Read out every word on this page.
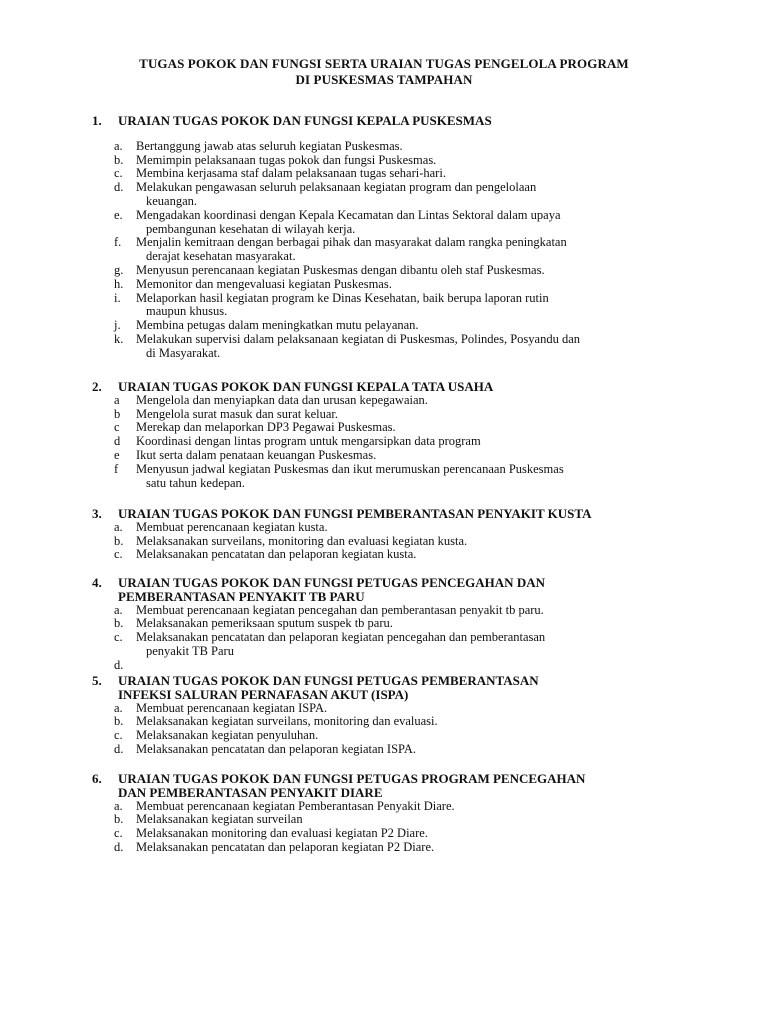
TUGAS POKOK DAN FUNGSI SERTA URAIAN TUGAS PENGELOLA PROGRAM
DI PUSKESMAS TAMPAHAN
1. URAIAN TUGAS POKOK DAN FUNGSI KEPALA PUSKESMAS
a. Bertanggung jawab atas seluruh kegiatan Puskesmas.
b. Memimpin pelaksanaan tugas pokok dan fungsi Puskesmas.
c. Membina kerjasama staf dalam pelaksanaan tugas sehari-hari.
d. Melakukan pengawasan seluruh pelaksanaan kegiatan program dan pengelolaan
keuangan.
e. Mengadakan koordinasi dengan Kepala Kecamatan dan Lintas Sektoral dalam upaya
pembangunan kesehatan di wilayah kerja.
f. Menjalin kemitraan dengan berbagai pihak dan masyarakat dalam rangka peningkatan
derajat kesehatan masyarakat.
g. Menyusun perencanaan kegiatan Puskesmas dengan dibantu oleh staf Puskesmas.
h. Memonitor dan mengevaluasi kegiatan Puskesmas.
i. Melaporkan hasil kegiatan program ke Dinas Kesehatan, baik berupa laporan rutin
maupun khusus.
j. Membina petugas dalam meningkatkan mutu pelayanan.
k. Melakukan supervisi dalam pelaksanaan kegiatan di Puskesmas, Polindes, Posyandu dan
di Masyarakat.
2. URAIAN TUGAS POKOK DAN FUNGSI KEPALA TATA USAHA
a Mengelola dan menyiapkan data dan urusan kepegawaian.
b Mengelola surat masuk dan surat keluar.
c Merekap dan melaporkan DP3 Pegawai Puskesmas.
d Koordinasi dengan lintas program untuk mengarsipkan data program
e Ikut serta dalam penataan keuangan Puskesmas.
f Menyusun jadwal kegiatan Puskesmas dan ikut merumuskan perencanaan Puskesmas
satu tahun kedepan.
3. URAIAN TUGAS POKOK DAN FUNGSI PEMBERANTASAN PENYAKIT KUSTA
a. Membuat perencanaan kegiatan kusta.
b. Melaksanakan surveilans, monitoring dan evaluasi kegiatan kusta.
c. Melaksanakan pencatatan dan pelaporan kegiatan kusta.
4. URAIAN TUGAS POKOK DAN FUNGSI PETUGAS PENCEGAHAN DAN
PEMBERANTASAN PENYAKIT TB PARU
a. Membuat perencanaan kegiatan pencegahan dan pemberantasan penyakit tb paru.
b. Melaksanakan pemeriksaan sputum suspek tb paru.
c. Melaksanakan pencatatan dan pelaporan kegiatan pencegahan dan pemberantasan
penyakit TB Paru
d.
5. URAIAN TUGAS POKOK DAN FUNGSI PETUGAS PEMBERANTASAN
INFEKSI SALURAN PERNAFASAN AKUT (ISPA)
a. Membuat perencanaan kegiatan ISPA.
b. Melaksanakan kegiatan surveilans, monitoring dan evaluasi.
c. Melaksanakan kegiatan penyuluhan.
d. Melaksanakan pencatatan dan pelaporan kegiatan ISPA.
6. URAIAN TUGAS POKOK DAN FUNGSI PETUGAS PROGRAM PENCEGAHAN
DAN PEMBERANTASAN PENYAKIT DIARE
a. Membuat perencanaan kegiatan Pemberantasan Penyakit Diare.
b. Melaksanakan kegiatan surveilan
c. Melaksanakan monitoring dan evaluasi kegiatan P2 Diare.
d. Melaksanakan pencatatan dan pelaporan kegiatan P2 Diare.
